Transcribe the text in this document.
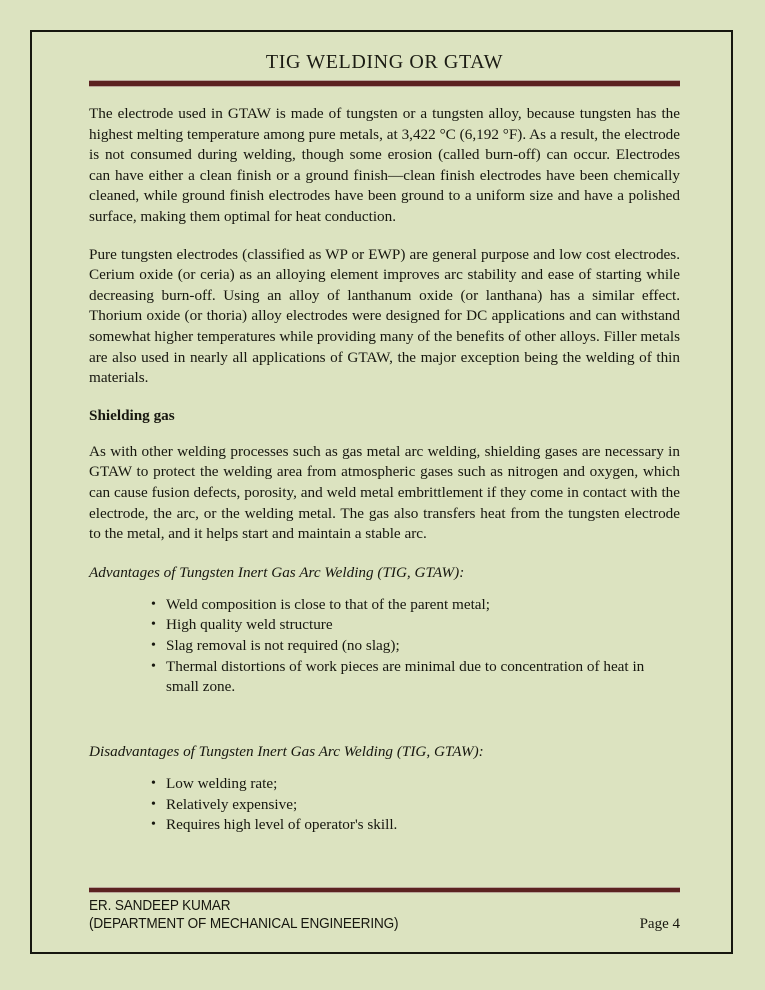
TIG WELDING OR GTAW
The electrode used in GTAW is made of tungsten or a tungsten alloy, because tungsten has the highest melting temperature among pure metals, at 3,422 °C (6,192 °F). As a result, the electrode is not consumed during welding, though some erosion (called burn-off) can occur. Electrodes can have either a clean finish or a ground finish—clean finish electrodes have been chemically cleaned, while ground finish electrodes have been ground to a uniform size and have a polished surface, making them optimal for heat conduction.
Pure tungsten electrodes (classified as WP or EWP) are general purpose and low cost electrodes. Cerium oxide (or ceria) as an alloying element improves arc stability and ease of starting while decreasing burn-off. Using an alloy of lanthanum oxide (or lanthana) has a similar effect. Thorium oxide (or thoria) alloy electrodes were designed for DC applications and can withstand somewhat higher temperatures while providing many of the benefits of other alloys. Filler metals are also used in nearly all applications of GTAW, the major exception being the welding of thin materials.
Shielding gas
As with other welding processes such as gas metal arc welding, shielding gases are necessary in GTAW to protect the welding area from atmospheric gases such as nitrogen and oxygen, which can cause fusion defects, porosity, and weld metal embrittlement if they come in contact with the electrode, the arc, or the welding metal. The gas also transfers heat from the tungsten electrode to the metal, and it helps start and maintain a stable arc.
Advantages of Tungsten Inert Gas Arc Welding (TIG, GTAW):
• Weld composition is close to that of the parent metal;
• High quality weld structure
• Slag removal is not required (no slag);
• Thermal distortions of work pieces are minimal due to concentration of heat in small zone.
Disadvantages of Tungsten Inert Gas Arc Welding (TIG, GTAW):
• Low welding rate;
• Relatively expensive;
• Requires high level of operator's skill.
ER. SANDEEP KUMAR
(DEPARTMENT OF MECHANICAL ENGINEERING)	Page 4
